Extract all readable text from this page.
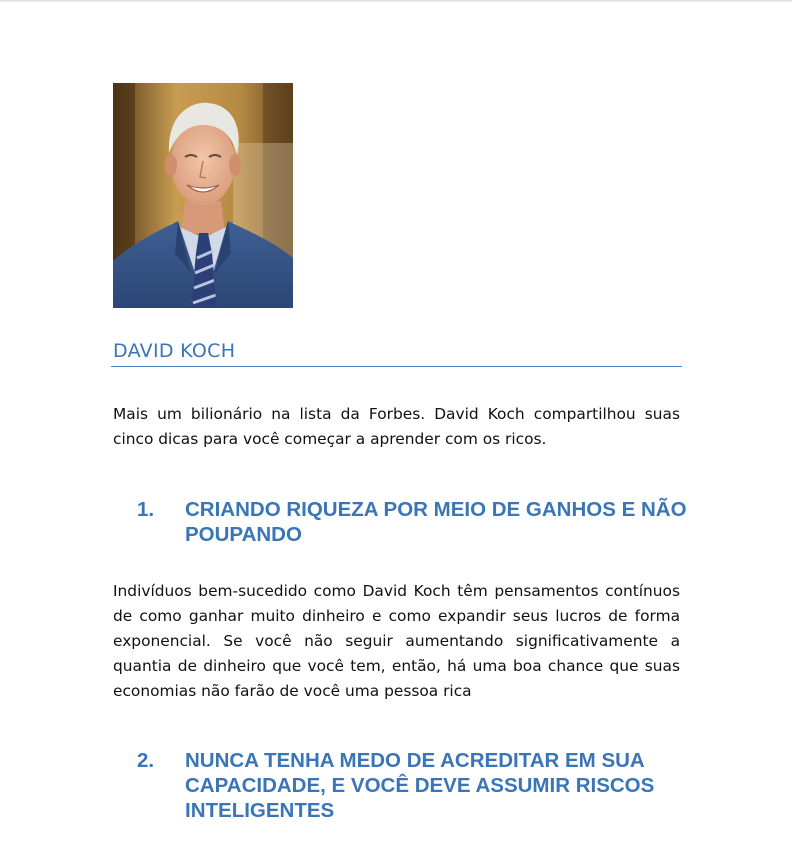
DAVID KOCH

Mais um bilionário na lista da Forbes. David Koch compartilhou suas cinco dicas para você começar a aprender com os ricos.

1. CRIANDO RIQUEZA POR MEIO DE GANHOS E NÃO POUPANDO

Indivíduos bem-sucedido como David Koch têm pensamentos contínuos de como ganhar muito dinheiro e como expandir seus lucros de forma exponencial. Se você não seguir aumentando significativamente a quantia de dinheiro que você tem, então, há uma boa chance que suas economias não farão de você uma pessoa rica

2. NUNCA TENHA MEDO DE ACREDITAR EM SUA CAPACIDADE, E VOCÊ DEVE ASSUMIR RISCOS INTELIGENTES
